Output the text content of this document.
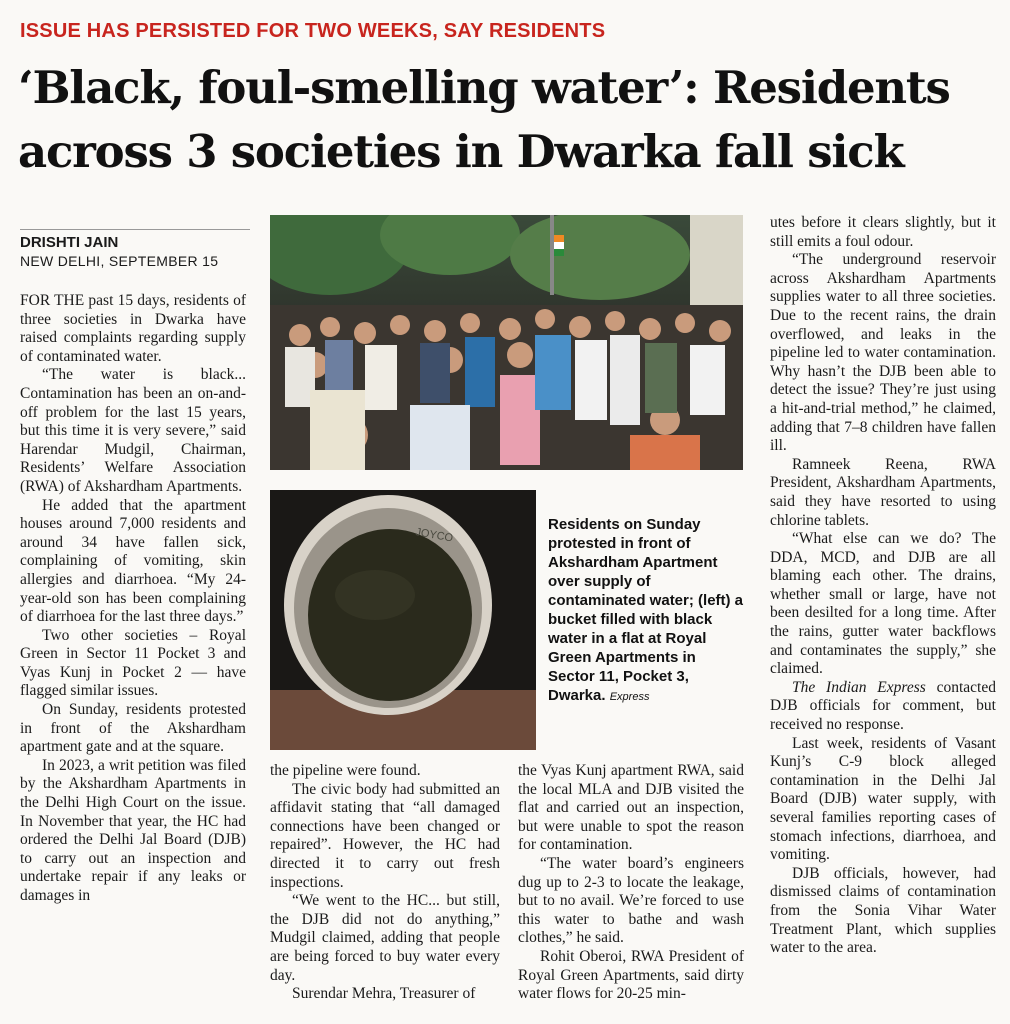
ISSUE HAS PERSISTED FOR TWO WEEKS, SAY RESIDENTS
‘Black, foul-smelling water’: Residents
across 3 societies in Dwarka fall sick
DRISHTI JAIN
NEW DELHI, SEPTEMBER 15

FOR THE past 15 days, residents of three societies in Dwarka have raised complaints regarding supply of contaminated water.

“The water is black... Contamination has been an on-and-off problem for the last 15 years, but this time it is very severe,” said Harendar Mudgil, Chairman, Residents’ Welfare Association (RWA) of Akshardham Apartments.

He added that the apartment houses around 7,000 residents and around 34 have fallen sick, complaining of vomiting, skin allergies and diarrhoea. “My 24-year-old son has been complaining of diarrhoea for the last three days.”

Two other societies – Royal Green in Sector 11 Pocket 3 and Vyas Kunj in Pocket 2 — have flagged similar issues.

On Sunday, residents protested in front of the Akshardham apartment gate and at the square.

In 2023, a writ petition was filed by the Akshardham Apartments in the Delhi High Court on the issue. In November that year, the HC had ordered the Delhi Jal Board (DJB) to carry out an inspection and undertake repair if any leaks or damages in

JOYCO
Residents on Sunday protested in front of Akshardham Apartment over supply of contaminated water; (left) a bucket filled with black water in a flat at Royal Green Apartments in Sector 11, Pocket 3, Dwarka. Express

the pipeline were found.

The civic body had submitted an affidavit stating that “all damaged connections have been changed or repaired”. However, the HC had directed it to carry out fresh inspections.

“We went to the HC... but still, the DJB did not do anything,” Mudgil claimed, adding that people are being forced to buy water every day.

Surendar Mehra, Treasurer of

the Vyas Kunj apartment RWA, said the local MLA and DJB visited the flat and carried out an inspection, but were unable to spot the reason for contamination.

“The water board’s engineers dug up to 2-3 to locate the leakage, but to no avail. We’re forced to use this water to bathe and wash clothes,” he said.

Rohit Oberoi, RWA President of Royal Green Apartments, said dirty water flows for 20-25 min-

utes before it clears slightly, but it still emits a foul odour.

“The underground reservoir across Akshardham Apartments supplies water to all three societies. Due to the recent rains, the drain overflowed, and leaks in the pipeline led to water contamination. Why hasn’t the DJB been able to detect the issue? They’re just using a hit-and-trial method,” he claimed, adding that 7–8 children have fallen ill.

Ramneek Reena, RWA President, Akshardham Apartments, said they have resorted to using chlorine tablets.

“What else can we do? The DDA, MCD, and DJB are all blaming each other. The drains, whether small or large, have not been desilted for a long time. After the rains, gutter water backflows and contaminates the supply,” she claimed.

The Indian Express contacted DJB officials for comment, but received no response.

Last week, residents of Vasant Kunj’s C-9 block alleged contamination in the Delhi Jal Board (DJB) water supply, with several families reporting cases of stomach infections, diarrhoea, and vomiting.

DJB officials, however, had dismissed claims of contamination from the Sonia Vihar Water Treatment Plant, which supplies water to the area.
